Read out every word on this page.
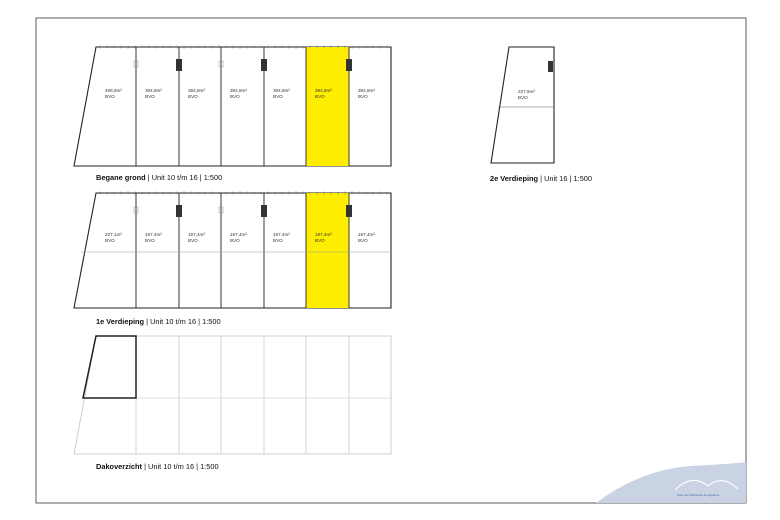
496,9m²
BVO
394,8m²
BVO
394,8m²
BVO
394,8m²
BVO
394,8m²
BVO
394,8m²
BVO
394,8m²
BVO
Begane grond | Unit 10 t/m 16 | 1:500
227,1m²
BVO
197,4m²
BVO
197,4m²
BVO
197,4m²
BVO
197,4m²
BVO
197,4m²
BVO
197,4m²
BVO
1e Verdieping | Unit 10 t/m 16 | 1:500
Dakoverzicht | Unit 10 t/m 16 | 1:500
227,5m²
BVO
2e Verdieping | Unit 16 | 1:500
Park van Brabantse Energiebos
